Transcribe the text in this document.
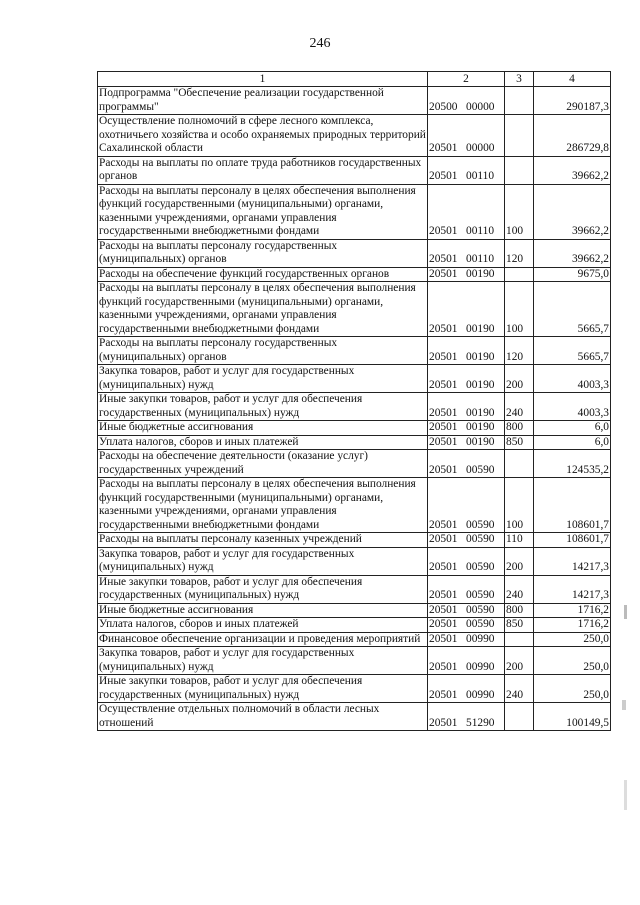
246
1	2	3	4
Подпрограмма "Обеспечение реализации государственной программы"	20500 00000		290187,3
Осуществление полномочий в сфере лесного комплекса, охотничьего хозяйства и особо охраняемых природных территорий Сахалинской области	20501 00000		286729,8
Расходы на выплаты по оплате труда работников государственных органов	20501 00110		39662,2
Расходы на выплаты персоналу в целях обеспечения выполнения функций государственными (муниципальными) органами, казенными учреждениями, органами управления государственными внебюджетными фондами	20501 00110	100	39662,2
Расходы на выплаты персоналу государственных (муниципальных) органов	20501 00110	120	39662,2
Расходы на обеспечение функций государственных органов	20501 00190		9675,0
Расходы на выплаты персоналу в целях обеспечения выполнения функций государственными (муниципальными) органами, казенными учреждениями, органами управления государственными внебюджетными фондами	20501 00190	100	5665,7
Расходы на выплаты персоналу государственных (муниципальных) органов	20501 00190	120	5665,7
Закупка товаров, работ и услуг для государственных (муниципальных) нужд	20501 00190	200	4003,3
Иные закупки товаров, работ и услуг для обеспечения государственных (муниципальных) нужд	20501 00190	240	4003,3
Иные бюджетные ассигнования	20501 00190	800	6,0
Уплата налогов, сборов и иных платежей	20501 00190	850	6,0
Расходы на обеспечение деятельности (оказание услуг) государственных учреждений	20501 00590		124535,2
Расходы на выплаты персоналу в целях обеспечения выполнения функций государственными (муниципальными) органами, казенными учреждениями, органами управления государственными внебюджетными фондами	20501 00590	100	108601,7
Расходы на выплаты персоналу казенных учреждений	20501 00590	110	108601,7
Закупка товаров, работ и услуг для государственных (муниципальных) нужд	20501 00590	200	14217,3
Иные закупки товаров, работ и услуг для обеспечения государственных (муниципальных) нужд	20501 00590	240	14217,3
Иные бюджетные ассигнования	20501 00590	800	1716,2
Уплата налогов, сборов и иных платежей	20501 00590	850	1716,2
Финансовое обеспечение организации и проведения мероприятий	20501 00990		250,0
Закупка товаров, работ и услуг для государственных (муниципальных) нужд	20501 00990	200	250,0
Иные закупки товаров, работ и услуг для обеспечения государственных (муниципальных) нужд	20501 00990	240	250,0
Осуществление отдельных полномочий в области лесных отношений	20501 51290		100149,5
